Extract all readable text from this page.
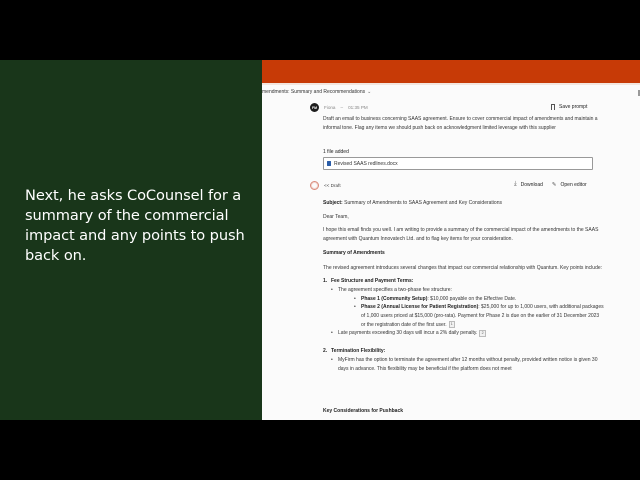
Next, he asks CoCounsel for a summary of the commercial impact and any points to push back on.
mendments: Summary and Recommendations ⌄
FM	Fiona – 01:35 PM	Save prompt
Draft an email to business concerning SAAS agreement. Ensure to cover commercial impact of amendments and maintain a informal tone. Flag any items we should push back on acknowledgment limited leverage with this supplier
1 file added
Revised SAAS redlines.docx
<< Draft	⤓ Download ✎ Open editor

Subject: Summary of Amendments to SAAS Agreement and Key Considerations

Dear Team,

I hope this email finds you well. I am writing to provide a summary of the commercial impact of the amendments to the SAAS agreement with Quantum Innovatech Ltd. and to flag key items for your consideration.

Summary of Amendments

The revised agreement introduces several changes that impact our commercial relationship with Quantum. Key points include:

1. Fee Structure and Payment Terms:
• The agreement specifies a two-phase fee structure:
• Phase 1 (Community Setup): $10,000 payable on the Effective Date.
• Phase 2 (Annual License for Patient Registration): $25,000 for up to 1,000 users, with additional packages of 1,000 users priced at $15,000 (pro-rata). Payment for Phase 2 is due on the earlier of 31 December 2023 or the registration date of the first user. 1
• Late payments exceeding 30 days will incur a 2% daily penalty. 2
2. Termination Flexibility:
• MyFirm has the option to terminate the agreement after 12 months without penalty, provided written notice is given 30 days in advance. This flexibility may be beneficial if the platform does not meet
Key Considerations for Pushback
